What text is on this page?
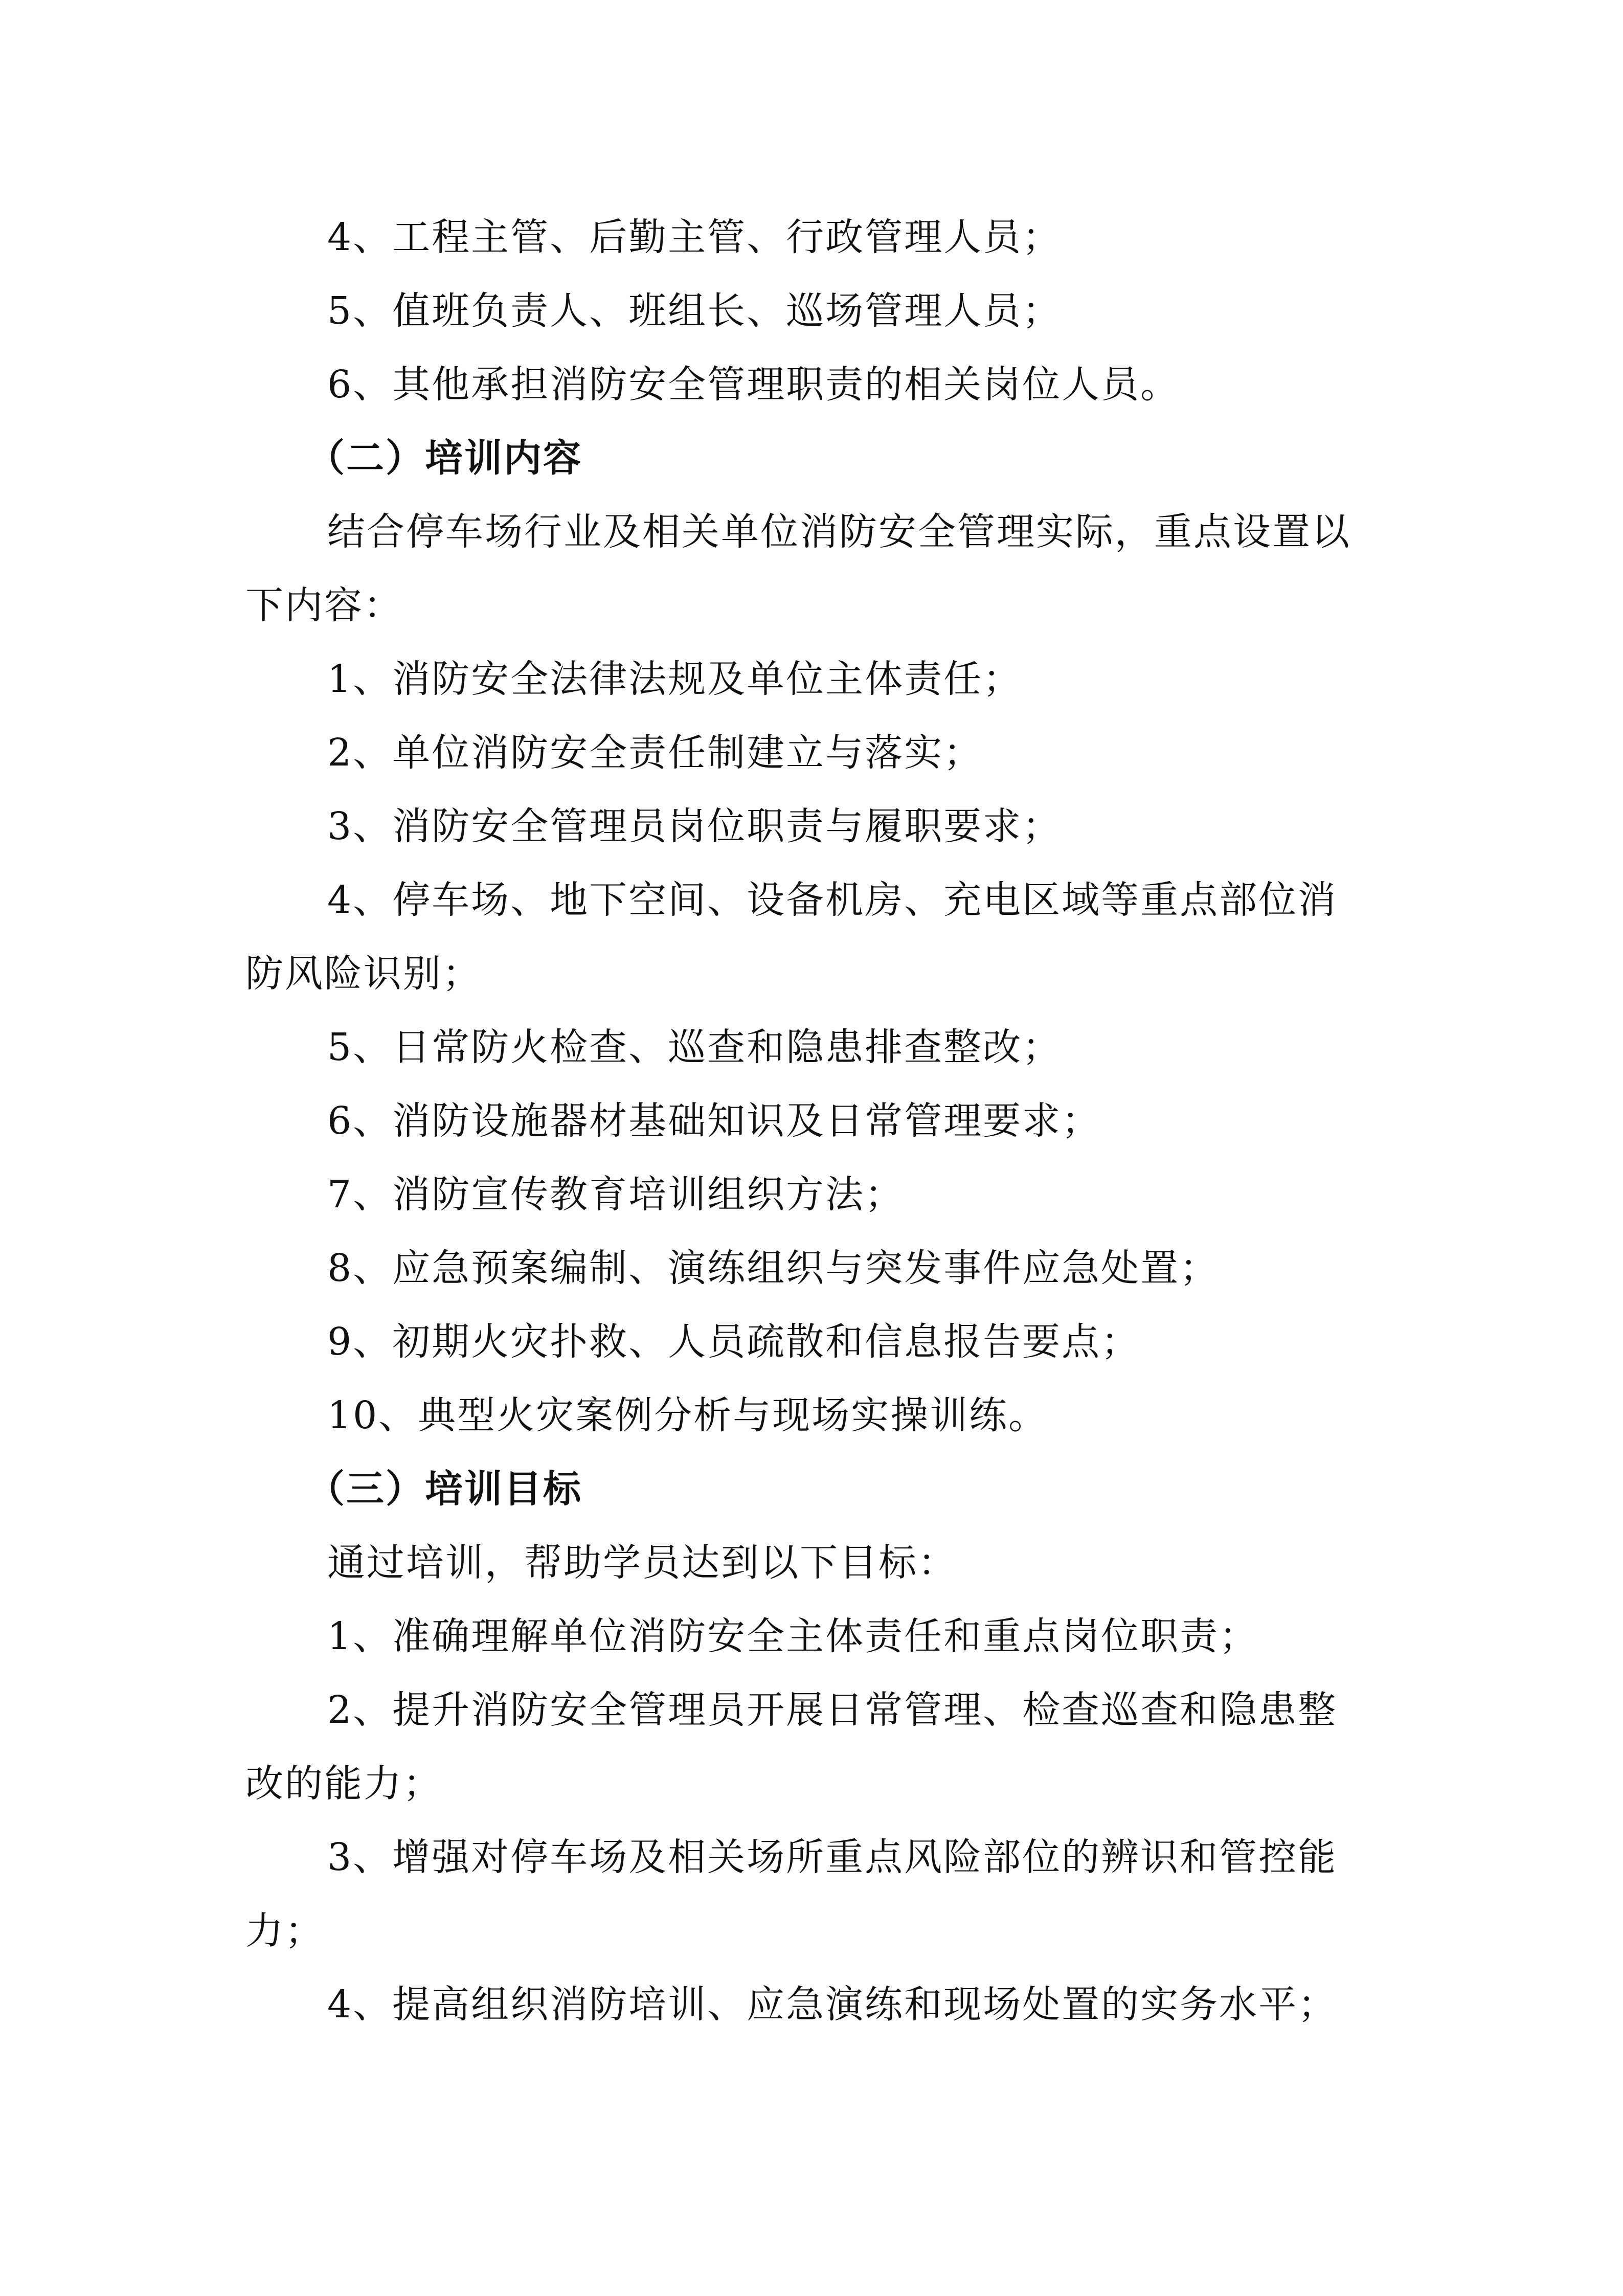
4、工程主管、后勤主管、行政管理人员；

5、值班负责人、班组长、巡场管理人员；

6、其他承担消防安全管理职责的相关岗位人员。

（二）培训内容

结合停车场行业及相关单位消防安全管理实际，重点设置以

下内容：

1、消防安全法律法规及单位主体责任；

2、单位消防安全责任制建立与落实；

3、消防安全管理员岗位职责与履职要求；

4、停车场、地下空间、设备机房、充电区域等重点部位消

防风险识别；

5、日常防火检查、巡查和隐患排查整改；

6、消防设施器材基础知识及日常管理要求；

7、消防宣传教育培训组织方法；

8、应急预案编制、演练组织与突发事件应急处置；

9、初期火灾扑救、人员疏散和信息报告要点；

10、典型火灾案例分析与现场实操训练。

（三）培训目标

通过培训，帮助学员达到以下目标：

1、准确理解单位消防安全主体责任和重点岗位职责；

2、提升消防安全管理员开展日常管理、检查巡查和隐患整

改的能力；

3、增强对停车场及相关场所重点风险部位的辨识和管控能

力；

4、提高组织消防培训、应急演练和现场处置的实务水平；
